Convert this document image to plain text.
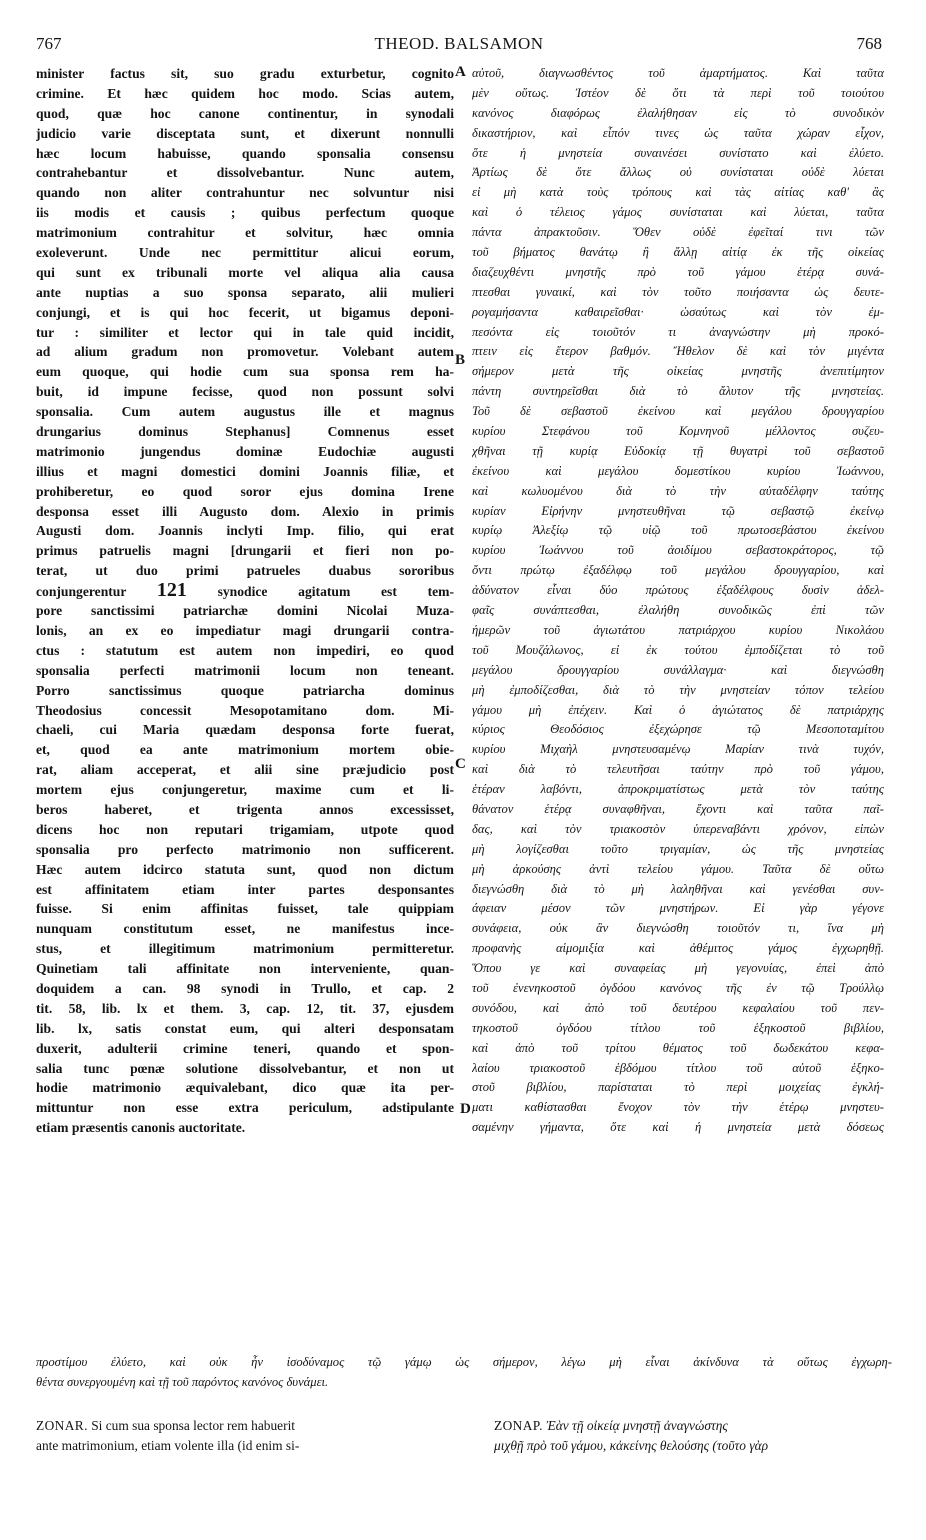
767	THEOD. BALSAMON	768
minister factus sit, suo gradu exturbetur, cognito
crimine. Et hæc quidem hoc modo. Scias autem,
quod, quæ hoc canone continentur, in synodali
judicio varie disceptata sunt, et dixerunt nonnulli
hæc locum habuisse, quando sponsalia consensu
contrahebantur et dissolvebantur. Nunc autem,
quando non aliter contrahuntur nec solvuntur nisi
iis modis et causis ; quibus perfectum quoque
matrimonium contrahitur et solvitur, hæc omnia
exoleverunt. Unde nec permittitur alicui eorum,
qui sunt ex tribunali morte vel aliqua alia causa
ante nuptias a suo sponsa separato, alii mulieri
conjungi, et is qui hoc fecerit, ut bigamus deponi-
tur : similiter et lector qui in tale quid incidit,
ad alium gradum non promovetur. Volebant autem
eum quoque, qui hodie cum sua sponsa rem ha-
buit, id impune fecisse, quod non possunt solvi
sponsalia. Cum autem augustus ille et magnus
drungarius dominus Stephanus] Comnenus esset
matrimonio jungendus dominæ Eudochiæ augusti
illius et magni domestici domini Joannis filiæ, et
prohiberetur, eo quod soror ejus domina Irene
desponsa esset illi Augusto dom. Alexio in primis
Augusti dom. Joannis inclyti Imp. filio, qui erat
primus patruelis magni [drungarii et fieri non po-
terat, ut duo primi patrueles duabus sororibus
conjungerentur 121 synodice agitatum est tem-
pore sanctissimi patriarchæ domini Nicolai Muza-
lonis, an ex eo impediatur magi drungarii contra-
ctus : statutum est autem non impediri, eo quod
sponsalia perfecti matrimonii locum non teneant.
Porro sanctissimus quoque patriarcha dominus
Theodosius concessit Mesopotamitano dom. Mi-
chaeli, cui Maria quædam desponsa forte fuerat,
et, quod ea ante matrimonium mortem obie-
rat, aliam acceperat, et alii sine præjudicio post
mortem ejus conjungeretur, maxime cum et li-
beros haberet, et trigenta annos excessisset,
dicens hoc non reputari trigamiam, utpote quod
sponsalia pro perfecto matrimonio non sufficerent.
Hæc autem idcirco statuta sunt, quod non dictum
est affinitatem etiam inter partes desponsantes
fuisse. Si enim affinitas fuisset, tale quippiam
nunquam constitutum esset, ne manifestus ince-
stus, et illegitimum matrimonium permitteretur.
Quinetiam tali affinitate non interveniente, quan-
doquidem a can. 98 synodi in Trullo, et cap. 2
tit. 58, lib. lx et them. 3, cap. 12, tit. 37, ejusdem
lib. lx, satis constat eum, qui alteri desponsatam
duxerit, adulterii crimine teneri, quando et spon-
salia tunc pœnæ solutione dissolvebantur, et non ut
hodie matrimonio æquivalebant, dico quæ ita per-
mittuntur non esse extra periculum, adstipulante
etiam præsentis canonis auctoritate.
αὐτοῦ, διαγνωσθέντος τοῦ ἁμαρτήματος. Καὶ ταῦτα
μὲν οὕτως. Ἰστέον δὲ ὅτι τὰ περὶ τοῦ τοιούτου
κανόνος διαφόρως ἐλαλήθησαν εἰς τὸ συνοδικὸν
δικαστήριον, καὶ εἶπόν τινες ὡς ταῦτα χώραν εἶχον,
ὅτε ἡ μνηστεία συναινέσει συνίστατο καὶ ἐλύετο.
Ἀρτίως δὲ ὅτε ἄλλως οὐ συνίσταται οὐδὲ λύεται
εἰ μὴ κατὰ τοὺς τρόπους καὶ τὰς αἰτίας καθ' ἃς
καὶ ὁ τέλειος γάμος συνίσταται καὶ λύεται, ταῦτα
πάντα ἀπρακτοῦσιν. Ὅθεν οὐδὲ ἐφεῖταί τινι τῶν
τοῦ βήματος θανάτῳ ἢ ἄλλῃ αἰτίᾳ ἐκ τῆς οἰκείας
διαζευχθέντι μνηστῆς πρὸ τοῦ γάμου ἑτέρᾳ συνά-
πτεσθαι γυναικί, καὶ τὸν τοῦτο ποιήσαντα ὡς δευτε-
ρογαμήσαντα καθαιρεῖσθαι· ὡσαύτως καὶ τὸν ἐμ-
πεσόντα εἰς τοιοῦτόν τι ἀναγνώστην μὴ προκό-
πτειν εἰς ἕτερον βαθμόν. Ἤθελον δὲ καὶ τὸν μιγέντα
σήμερον μετὰ τῆς οἰκείας μνηστῆς ἀνεπιτίμητον
πάντη συντηρεῖσθαι διὰ τὸ ἄλυτον τῆς μνηστείας.
Τοῦ δὲ σεβαστοῦ ἐκείνου καὶ μεγάλου δρουγγαρίου
κυρίου Στεφάνου τοῦ Κομνηνοῦ μέλλοντος συζευ-
χθῆναι τῇ κυρίᾳ Εὐδοκίᾳ τῇ θυγατρὶ τοῦ σεβαστοῦ
ἐκείνου καὶ μεγάλου δομεστίκου κυρίου Ἰωάννου,
καὶ κωλυομένου διὰ τὸ τὴν αὐταδέλφην ταύτης
κυρίαν Εἰρήνην μνηστευθῆναι τῷ σεβαστῷ ἐκείνῳ
κυρίῳ Ἀλεξίῳ τῷ υἱῷ τοῦ πρωτοσεβάστου ἐκείνου
κυρίου Ἰωάννου τοῦ ἀοιδίμου σεβαστοκράτορος, τῷ
ὄντι πρώτῳ ἐξαδέλφῳ τοῦ μεγάλου δρουγγαρίου, καὶ
ἀδύνατον εἶναι δύο πρώτους ἐξαδέλφους δυσὶν ἀδελ-
φαῖς συνάπτεσθαι, ἐλαλήθη συνοδικῶς ἐπὶ τῶν
ἡμερῶν τοῦ ἁγιωτάτου πατριάρχου κυρίου Νικολάου
τοῦ Μουζάλωνος, εἰ ἐκ τούτου ἐμποδίζεται τὸ τοῦ
μεγάλου δρουγγαρίου συνάλλαγμα· καὶ διεγνώσθη
μὴ ἐμποδίζεσθαι, διὰ τὸ τὴν μνηστείαν τόπον τελείου
γάμου μὴ ἐπέχειν. Καὶ ὁ ἁγιώτατος δὲ πατριάρχης
κύριος Θεοδόσιος ἐξεχώρησε τῷ Μεσοποταμίτου
κυρίου Μιχαὴλ μνηστευσαμένῳ Μαρίαν τινὰ τυχόν,
καὶ διὰ τὸ τελευτῆσαι ταύτην πρὸ τοῦ γάμου,
ἑτέραν λαβόντι, ἀπροκριματίστως μετὰ τὸν ταύτης
θάνατον ἑτέρᾳ συναφθῆναι, ἔχοντι καὶ ταῦτα παῖ-
δας, καὶ τὸν τριακοστὸν ὑπερεναβάντι χρόνον, εἰπὼν
μὴ λογίζεσθαι τοῦτο τριγαμίαν, ὡς τῆς μνηστείας
μὴ ἀρκούσης ἀντὶ τελείου γάμου. Ταῦτα δὲ οὕτω
διεγνώσθη διὰ τὸ μὴ λαληθῆναι καὶ γενέσθαι συν-
άφειαν μέσον τῶν μνηστήρων. Εἰ γὰρ γέγονε
συνάφεια, οὐκ ἂν διεγνώσθη τοιοῦτόν τι, ἵνα μὴ
προφανὴς αἱμομιξία καὶ ἀθέμιτος γάμος ἐγχωρηθῇ.
Ὅπου γε καὶ συναφείας μὴ γεγονυίας, ἐπεὶ ἀπὸ
τοῦ ἐνενηκοστοῦ ὀγδόου κανόνος τῆς ἐν τῷ Τρούλλῳ
συνόδου, καὶ ἀπὸ τοῦ δευτέρου κεφαλαίου τοῦ πεν-
τηκοστοῦ ὀγδόου τίτλου τοῦ ἑξηκοστοῦ βιβλίου,
καὶ ἀπὸ τοῦ τρίτου θέματος τοῦ δωδεκάτου κεφα-
λαίου τριακοστοῦ ἑβδόμου τίτλου τοῦ αὐτοῦ ἑξηκο-
στοῦ βιβλίου, παρίσταται τὸ περὶ μοιχείας ἐγκλή-
ματι καθίστασθαι ἔνοχον τὸν τὴν ἑτέρῳ μνηστευ-
σαμένην γήμαντα, ὅτε καὶ ἡ μνηστεία μετὰ δόσεως
A
B
C
D
προστίμου ἐλύετο, καὶ οὐκ ἦν ἰσοδύναμος τῷ γάμῳ ὡς σήμερον, λέγω μὴ εἶναι ἀκίνδυνα τὰ οὕτως ἐγχωρη-
θέντα συνεργουμένη καὶ τῇ τοῦ παρόντος κανόνος δυνάμει.
ZONAR. Si cum sua sponsa lector rem habuerit
ante matrimonium, etiam volente illa (id enim si-
ZONAP. Ἐὰν τῇ οἰκείᾳ μνηστῇ ἀναγνώστης
μιχθῇ πρὸ τοῦ γάμου, κἀκείνης θελούσης (τοῦτο γὰρ
